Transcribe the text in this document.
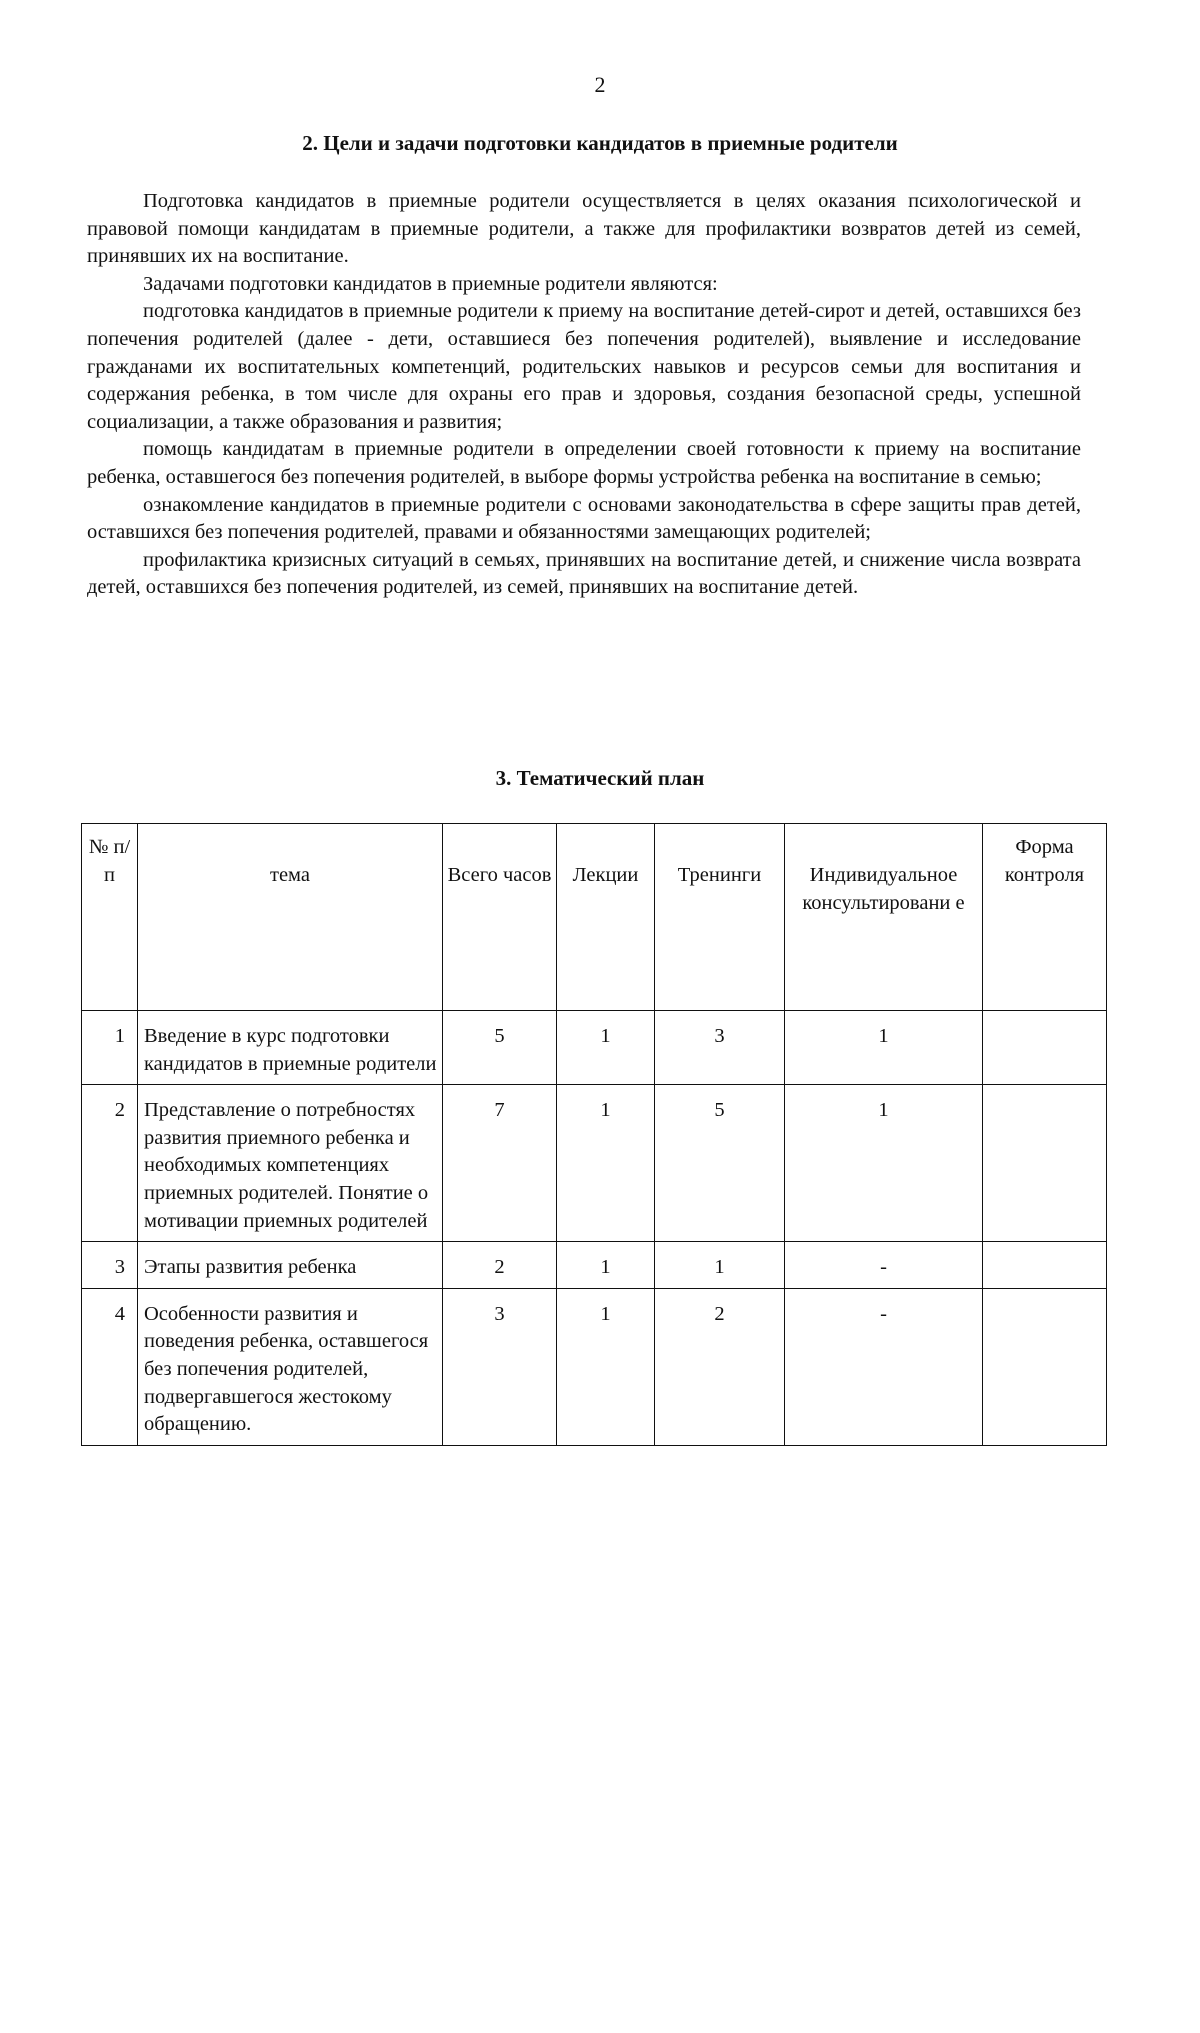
2
2. Цели и задачи подготовки кандидатов в приемные родители

Подготовка кандидатов в приемные родители осуществляется в целях оказания психологической и правовой помощи кандидатам в приемные родители, а также для профилактики возвратов детей из семей, принявших их на воспитание.

Задачами подготовки кандидатов в приемные родители являются:

подготовка кандидатов в приемные родители к приему на воспитание детей-сирот и детей, оставшихся без попечения родителей (далее - дети, оставшиеся без попечения родителей), выявление и исследование гражданами их воспитательных компетенций, родительских навыков и ресурсов семьи для воспитания и содержания ребенка, в том числе для охраны его прав и здоровья, создания безопасной среды, успешной социализации, а также образования и развития;

помощь кандидатам в приемные родители в определении своей готовности к приему на воспитание ребенка, оставшегося без попечения родителей, в выборе формы устройства ребенка на воспитание в семью;

ознакомление кандидатов в приемные родители с основами законодательства в сфере защиты прав детей, оставшихся без попечения родителей, правами и обязанностями замещающих родителей;

профилактика кризисных ситуаций в семьях, принявших на воспитание детей, и снижение числа возврата детей, оставшихся без попечения родителей, из семей, принявших на воспитание детей.

3. Тематический план
№ п/п	тема	Всего часов	Лекции	Тренинги	Индивидуальное консультировани е	Форма контроля
1	Введение в курс подготовки кандидатов в приемные родители	5	1	3	1	
2	Представление о потребностях развития приемного ребенка и необходимых компетенциях приемных родителей. Понятие о мотивации приемных родителей	7	1	5	1	
3	Этапы развития ребенка	2	1	1	-	
4	Особенности развития и поведения ребенка, оставшегося без попечения родителей, подвергавшегося жестокому обращению.	3	1	2	-	
